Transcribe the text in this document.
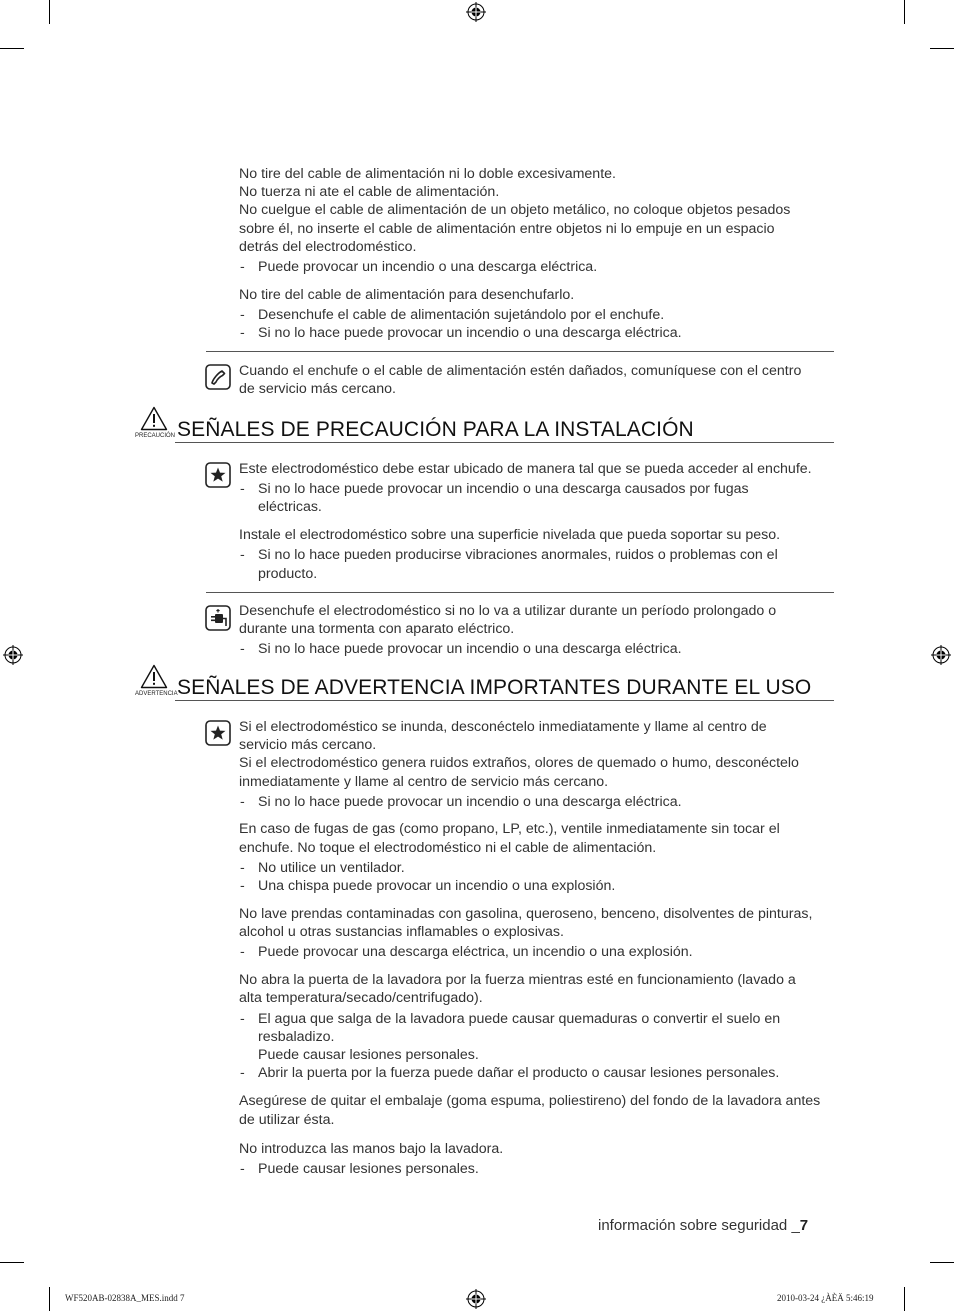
No tire del cable de alimentación ni lo doble excesivamente.
No tuerza ni ate el cable de alimentación.
No cuelgue el cable de alimentación de un objeto metálico, no coloque objetos pesados
sobre él, no inserte el cable de alimentación entre objetos ni lo empuje en un espacio
detrás del electrodoméstico.
- Puede provocar un incendio o una descarga eléctrica.
No tire del cable de alimentación para desenchufarlo.
- Desenchufe el cable de alimentación sujetándolo por el enchufe.
- Si no lo hace puede provocar un incendio o una descarga eléctrica.
Cuando el enchufe o el cable de alimentación estén dañados, comuníquese con el centro
de servicio más cercano.
PRECAUCIÓN SEÑALES DE PRECAUCIÓN PARA LA INSTALACIÓN
Este electrodoméstico debe estar ubicado de manera tal que se pueda acceder al enchufe.
- Si no lo hace puede provocar un incendio o una descarga causados por fugas
eléctricas.
Instale el electrodoméstico sobre una superficie nivelada que pueda soportar su peso.
- Si no lo hace pueden producirse vibraciones anormales, ruidos o problemas con el
producto.
Desenchufe el electrodoméstico si no lo va a utilizar durante un período prolongado o
durante una tormenta con aparato eléctrico.
- Si no lo hace puede provocar un incendio o una descarga eléctrica.
ADVERTENCIA SEÑALES DE ADVERTENCIA IMPORTANTES DURANTE EL USO
Si el electrodoméstico se inunda, desconéctelo inmediatamente y llame al centro de
servicio más cercano.
Si el electrodoméstico genera ruidos extraños, olores de quemado o humo, desconéctelo
inmediatamente y llame al centro de servicio más cercano.
- Si no lo hace puede provocar un incendio o una descarga eléctrica.
En caso de fugas de gas (como propano, LP, etc.), ventile inmediatamente sin tocar el
enchufe. No toque el electrodoméstico ni el cable de alimentación.
- No utilice un ventilador.
- Una chispa puede provocar un incendio o una explosión.
No lave prendas contaminadas con gasolina, queroseno, benceno, disolventes de pinturas,
alcohol u otras sustancias inflamables o explosivas.
- Puede provocar una descarga eléctrica, un incendio o una explosión.
No abra la puerta de la lavadora por la fuerza mientras esté en funcionamiento (lavado a
alta temperatura/secado/centrifugado).
- El agua que salga de la lavadora puede causar quemaduras o convertir el suelo en
resbaladizo.
Puede causar lesiones personales.
- Abrir la puerta por la fuerza puede dañar el producto o causar lesiones personales.
Asegúrese de quitar el embalaje (goma espuma, poliestireno) del fondo de la lavadora antes
de utilizar ésta.
No introduzca las manos bajo la lavadora.
- Puede causar lesiones personales.
información sobre seguridad _7
WF520AB-02838A_MES.indd 7	2010-03-24 ¿ÀÈÄ 5:46:19
